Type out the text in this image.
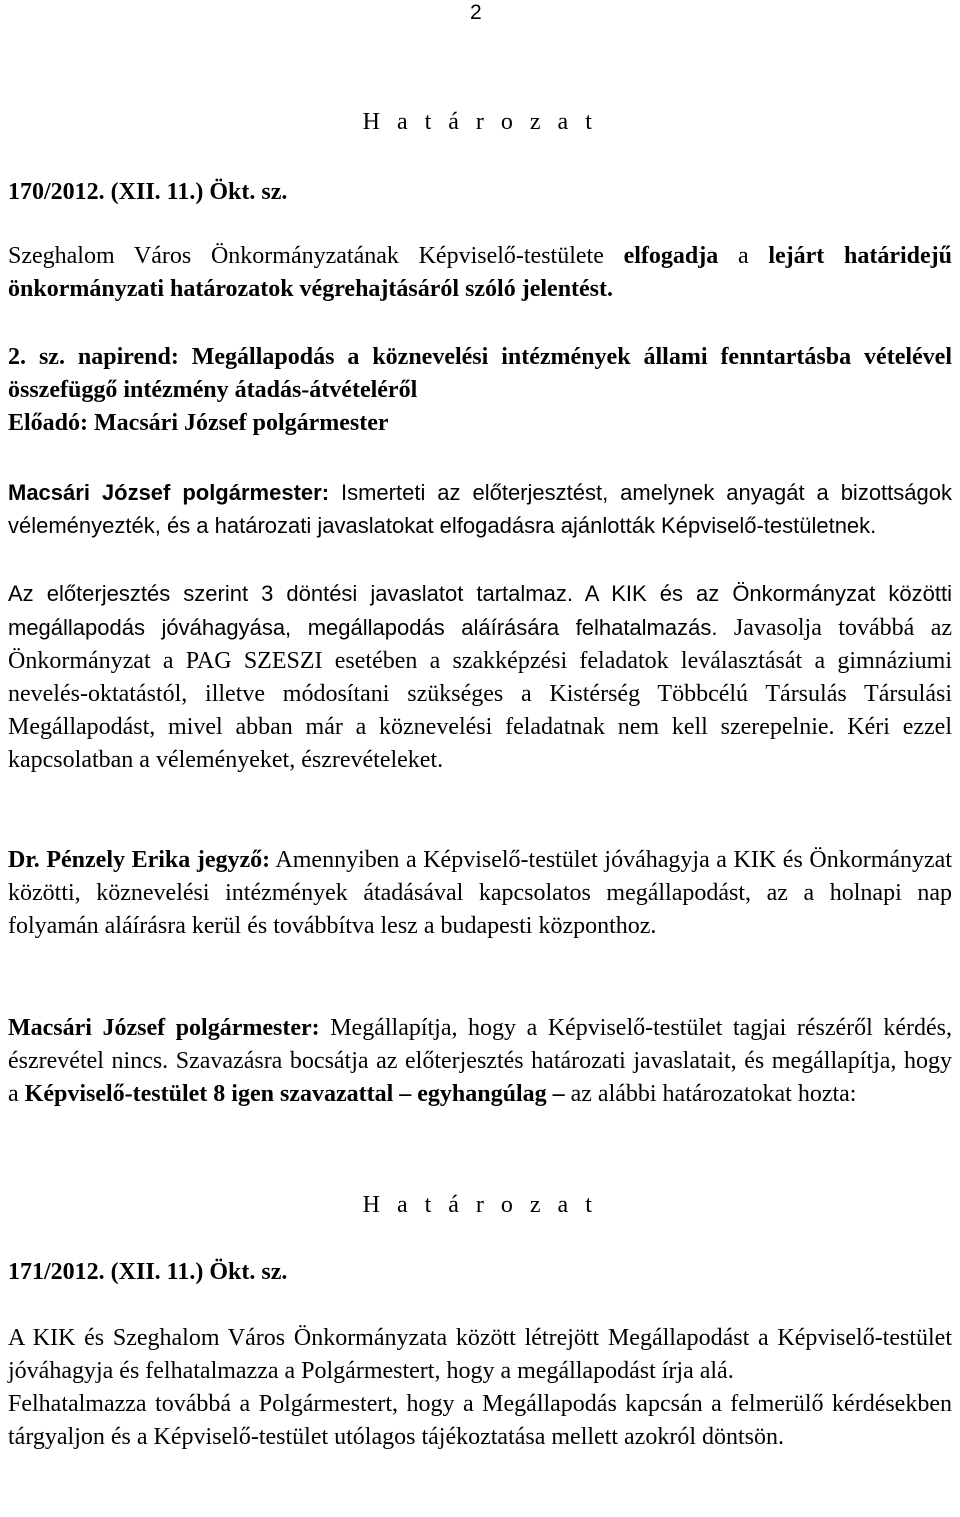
2
H a t á r o z a t
170/2012. (XII. 11.) Ökt. sz.

Szeghalom Város Önkormányzatának Képviselő-testülete elfogadja a lejárt határidejű önkormányzati határozatok végrehajtásáról szóló jelentést.

2. sz. napirend: Megállapodás a köznevelési intézmények állami fenntartásba vételével összefüggő intézmény átadás-átvételéről

Előadó: Macsári József polgármester

Macsári József polgármester: Ismerteti az előterjesztést, amelynek anyagát a bizottságok véleményezték, és a határozati javaslatokat elfogadásra ajánlották Képviselő-testületnek.

Az előterjesztés szerint 3 döntési javaslatot tartalmaz. A KIK és az Önkormányzat közötti megállapodás jóváhagyása, megállapodás aláírására felhatalmazás. Javasolja továbbá az Önkormányzat a PAG SZESZI esetében a szakképzési feladatok leválasztását a gimnáziumi nevelés-oktatástól, illetve módosítani szükséges a Kistérség Többcélú Társulás Társulási Megállapodást, mivel abban már a köznevelési feladatnak nem kell szerepelnie. Kéri ezzel kapcsolatban a véleményeket, észrevételeket.

Dr. Pénzely Erika jegyző: Amennyiben a Képviselő-testület jóváhagyja a KIK és Önkormányzat közötti, köznevelési intézmények átadásával kapcsolatos megállapodást, az a holnapi nap folyamán aláírásra kerül és továbbítva lesz a budapesti központhoz.

Macsári József polgármester: Megállapítja, hogy a Képviselő-testület tagjai részéről kérdés, észrevétel nincs. Szavazásra bocsátja az előterjesztés határozati javaslatait, és megállapítja, hogy a Képviselő-testület 8 igen szavazattal – egyhangúlag – az alábbi határozatokat hozta:

H a t á r o z a t
171/2012. (XII. 11.) Ökt. sz.

A KIK és Szeghalom Város Önkormányzata között létrejött Megállapodást a Képviselő-testület jóváhagyja és felhatalmazza a Polgármestert, hogy a megállapodást írja alá.

Felhatalmazza továbbá a Polgármestert, hogy a Megállapodás kapcsán a felmerülő kérdésekben tárgyaljon és a Képviselő-testület utólagos tájékoztatása mellett azokról döntsön.
